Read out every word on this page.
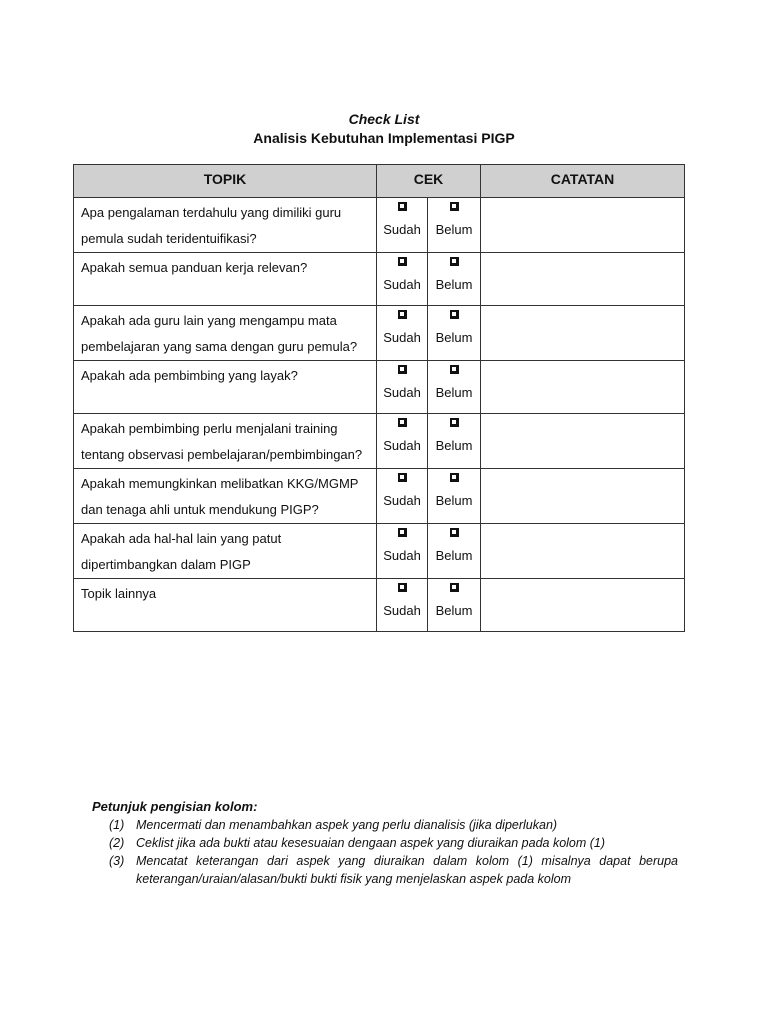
Check List
Analisis Kebutuhan Implementasi PIGP
TOPIK	CEK		CATATAN
Apa pengalaman terdahulu yang dimiliki guru pemula sudah teridentuifikasi?	Sudah	Belum	

Apakah semua panduan kerja relevan?	Sudah	Belum	

Apakah ada guru lain yang mengampu mata pembelajaran yang sama dengan guru pemula?	Sudah	Belum	

Apakah ada pembimbing yang layak?	Sudah	Belum	

Apakah pembimbing perlu menjalani training tentang observasi pembelajaran/pembimbingan?	Sudah	Belum	

Apakah memungkinkan melibatkan KKG/MGMP dan tenaga ahli untuk mendukung PIGP?	Sudah	Belum	

Apakah ada hal-hal lain yang patut dipertimbangkan dalam PIGP	Sudah	Belum	

Topik lainnya	Sudah	Belum	

Petunjuk pengisian kolom:
(1) Mencermati dan menambahkan aspek yang perlu dianalisis (jika diperlukan)
(2) Ceklist jika ada bukti atau kesesuaian dengaan aspek yang diuraikan pada kolom (1)
(3) Mencatat keterangan dari aspek yang diuraikan dalam kolom (1) misalnya dapat berupa keterangan/uraian/alasan/bukti bukti fisik yang menjelaskan aspek pada kolom
